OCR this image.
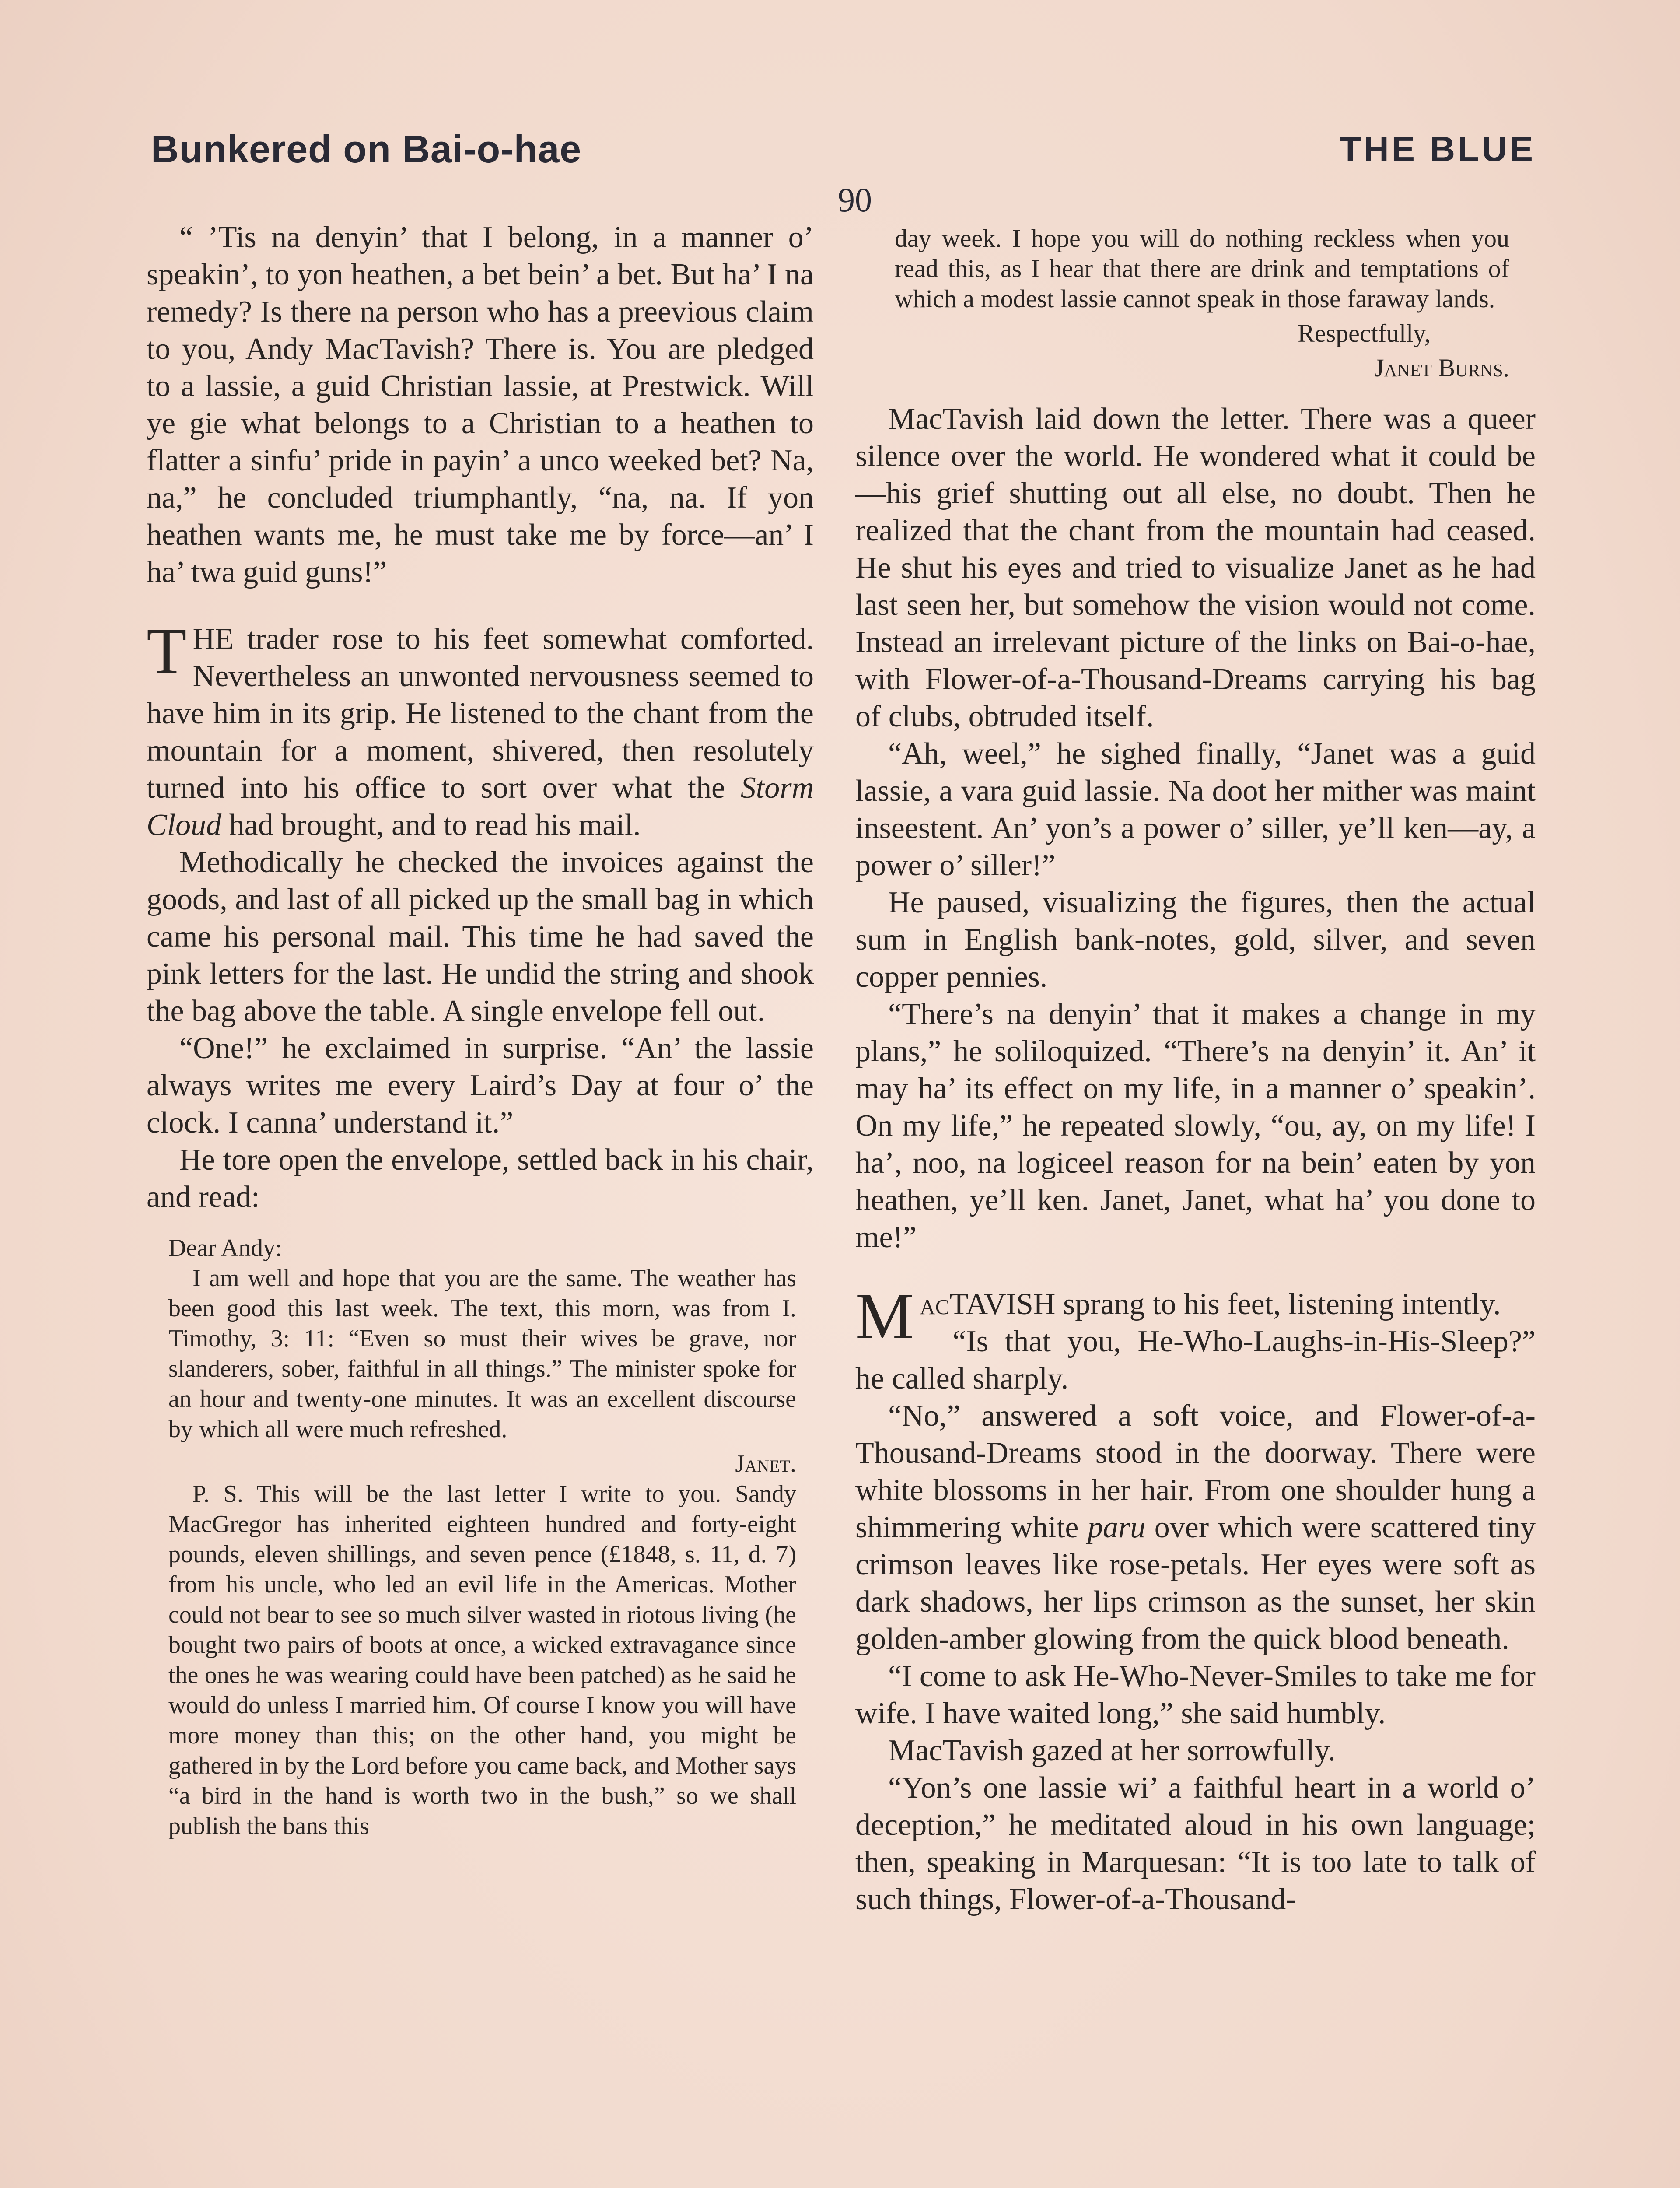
Bunkered on Bai-o-hae	THE BLUE
90

“ ’Tis na denyin’ that I belong, in a manner o’ speakin’, to yon heathen, a bet bein’ a bet. But ha’ I na remedy? Is there na person who has a preevious claim to you, Andy MacTavish? There is. You are pledged to a lassie, a guid Christian lassie, at Prestwick. Will ye gie what belongs to a Christian to a heathen to flatter a sinfu’ pride in payin’ a unco weeked bet? Na, na,” he concluded triumphantly, “na, na. If yon heathen wants me, he must take me by force—an’ I ha’ twa guid guns!”

THE trader rose to his feet somewhat comforted. Nevertheless an unwonted nervousness seemed to have him in its grip. He listened to the chant from the mountain for a moment, shivered, then resolutely turned into his office to sort over what the Storm Cloud had brought, and to read his mail.

Methodically he checked the invoices against the goods, and last of all picked up the small bag in which came his personal mail. This time he had saved the pink letters for the last. He undid the string and shook the bag above the table. A single envelope fell out.

“One!” he exclaimed in surprise. “An’ the lassie always writes me every Laird’s Day at four o’ the clock. I canna’ understand it.”

He tore open the envelope, settled back in his chair, and read:

Dear Andy:

I am well and hope that you are the same. The weather has been good this last week. The text, this morn, was from I. Timothy, 3: 11: “Even so must their wives be grave, nor slanderers, sober, faithful in all things.” The minister spoke for an hour and twenty-one minutes. It was an excellent discourse by which all were much refreshed.

Janet.

P. S. This will be the last letter I write to you. Sandy MacGregor has inherited eighteen hundred and forty-eight pounds, eleven shillings, and seven pence (£1848, s. 11, d. 7) from his uncle, who led an evil life in the Americas. Mother could not bear to see so much silver wasted in riotous living (he bought two pairs of boots at once, a wicked extravagance since the ones he was wearing could have been patched) as he said he would do unless I married him. Of course I know you will have more money than this; on the other hand, you might be gathered in by the Lord before you came back, and Mother says “a bird in the hand is worth two in the bush,” so we shall publish the bans this

day week. I hope you will do nothing reckless when you read this, as I hear that there are drink and temptations of which a modest lassie cannot speak in those faraway lands.

Respectfully,
Janet Burns.

MacTavish laid down the letter. There was a queer silence over the world. He wondered what it could be—his grief shutting out all else, no doubt. Then he realized that the chant from the mountain had ceased. He shut his eyes and tried to visualize Janet as he had last seen her, but somehow the vision would not come. Instead an irrelevant picture of the links on Bai-o-hae, with Flower-of-a-Thousand-Dreams carrying his bag of clubs, obtruded itself.

“Ah, weel,” he sighed finally, “Janet was a guid lassie, a vara guid lassie. Na doot her mither was maint inseestent. An’ yon’s a power o’ siller, ye’ll ken—ay, a power o’ siller!”

He paused, visualizing the figures, then the actual sum in English bank-notes, gold, silver, and seven copper pennies.

“There’s na denyin’ that it makes a change in my plans,” he soliloquized. “There’s na denyin’ it. An’ it may ha’ its effect on my life, in a manner o’ speakin’. On my life,” he repeated slowly, “ou, ay, on my life! I ha’, noo, na logiceel reason for na bein’ eaten by yon heathen, ye’ll ken. Janet, Janet, what ha’ you done to me!”

MacTAVISH sprang to his feet, listening intently.

“Is that you, He-Who-Laughs-in-His-Sleep?” he called sharply.

“No,” answered a soft voice, and Flower-of-a-Thousand-Dreams stood in the doorway. There were white blossoms in her hair. From one shoulder hung a shimmering white paru over which were scattered tiny crimson leaves like rose-petals. Her eyes were soft as dark shadows, her lips crimson as the sunset, her skin golden-amber glowing from the quick blood beneath.

“I come to ask He-Who-Never-Smiles to take me for wife. I have waited long,” she said humbly.

MacTavish gazed at her sorrowfully.

“Yon’s one lassie wi’ a faithful heart in a world o’ deception,” he meditated aloud in his own language; then, speaking in Marquesan: “It is too late to talk of such things, Flower-of-a-Thousand-
